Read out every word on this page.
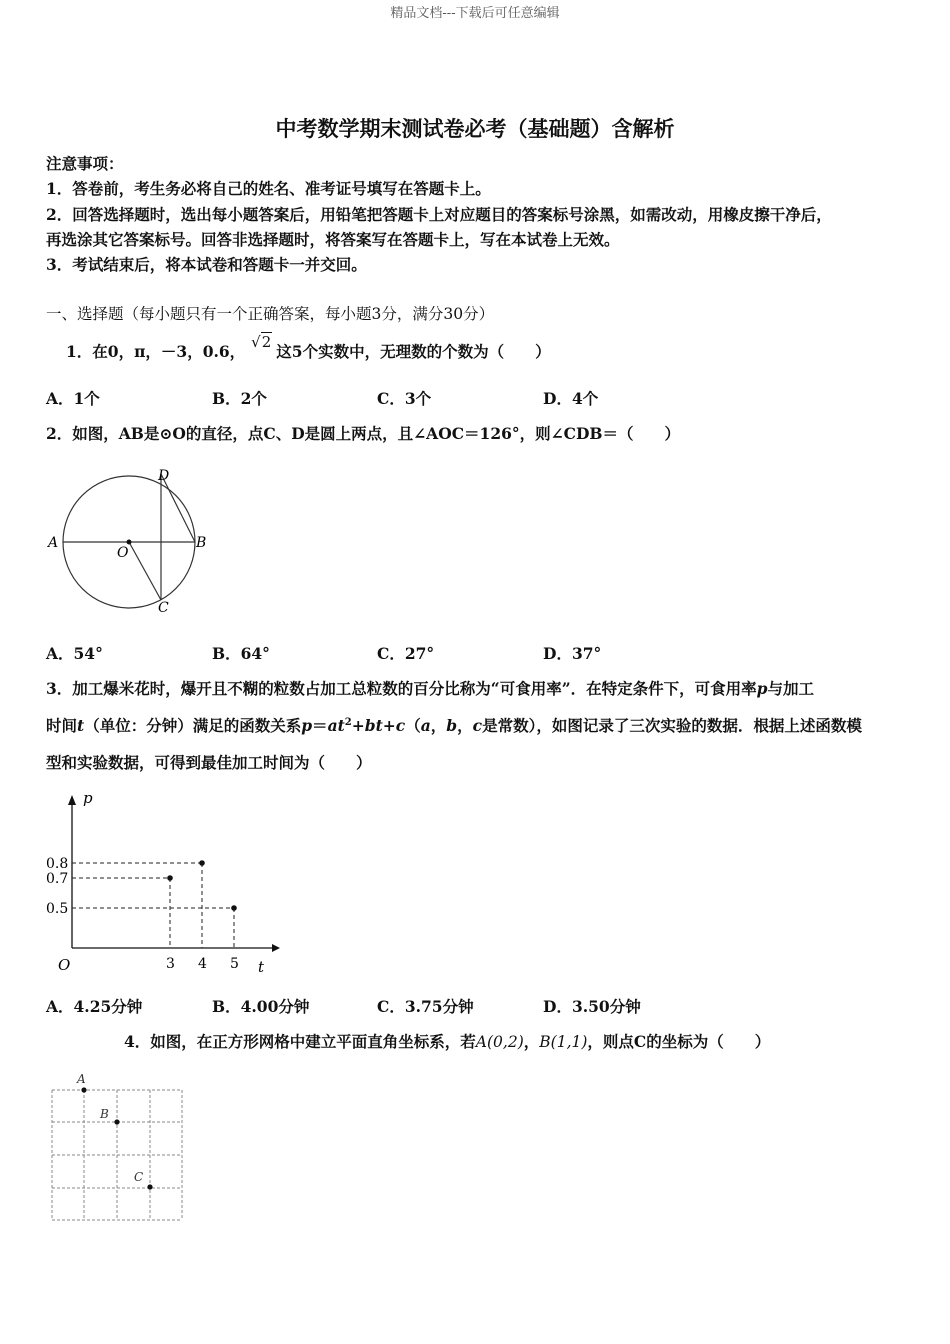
精品文档---下载后可任意编辑
中考数学期末测试卷必考（基础题）含解析
注意事项：
1．答卷前，考生务必将自己的姓名、准考证号填写在答题卡上。
2．回答选择题时，选出每小题答案后，用铅笔把答题卡上对应题目的答案标号涂黑，如需改动，用橡皮擦干净后，
再选涂其它答案标号。回答非选择题时，将答案写在答题卡上，写在本试卷上无效。
3．考试结束后，将本试卷和答题卡一并交回。
一、选择题（每小题只有一个正确答案，每小题3分，满分30分）
1．在0，π，－3，0.6， √2 这5个实数中，无理数的个数为（　　）
A．1个	B．2个	C．3个	D．4个
2．如图，AB是⊙O的直径，点C、D是圆上两点，且∠AOC＝126°，则∠CDB＝（　　）
A	B
C
D
O
A．54°	B．64°	C．27°	D．37°
3．加工爆米花时，爆开且不糊的粒数占加工总粒数的百分比称为“可食用率”．在特定条件下，可食用率p与加工
时间t（单位：分钟）满足的函数关系$p=at^2+bt+c(a$，b，c是常数），如图记录了三次实验的数据．根据上述函数模
型和实验数据，可得到最佳加工时间为（　　）
3 4 5
0.8
0.7
0.5
p
t
O
A．4.25分钟	B．4.00分钟	C．3.75分钟	D．3.50分钟
4．如图，在正方形网格中建立平面直角坐标系，若A(0,2)，B(1,1)，则点C的坐标为（　　）
A
B
C
